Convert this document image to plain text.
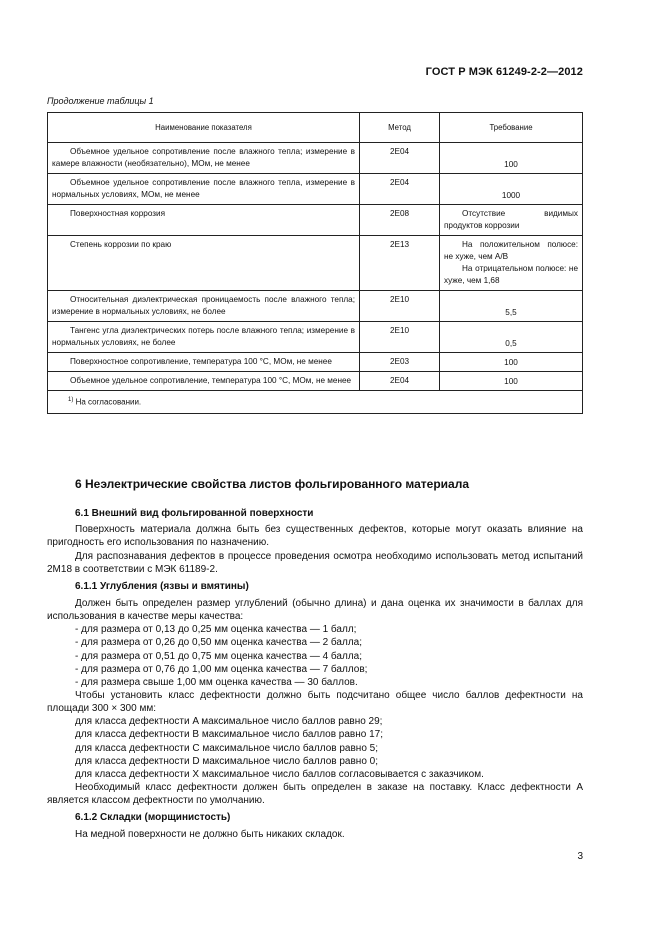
ГОСТ Р МЭК 61249-2-2—2012
Продолжение таблицы 1
Наименование показателя	Метод	Требование
Объемное удельное сопротивление после влажного тепла; измерение в камере влажности (необязательно), МОм, не менее	2E04	100
Объемное удельное сопротивление после влажного тепла, измерение в нормальных условиях, МОм, не менее	2E04	1000
Поверхностная коррозия	2E08	Отсутствие видимых продуктов коррозии
Степень коррозии по краю	2E13	На положительном полюсе: не хуже, чем A/B
На отрицательном полюсе: не хуже, чем 1,68

Относительная диэлектрическая проницаемость после влажного тепла; измерение в нормальных условиях, не более	2E10	5,5
Тангенс угла диэлектрических потерь после влажного тепла; измерение в нормальных условиях, не более	2E10	0,5
Поверхностное сопротивление, температура 100 °C, МОм, не менее	2E03	100
Объемное удельное сопротивление, температура 100 °C, МОм, не менее	2E04	100
$^{1)}$ На согласовании.		
6 Неэлектрические свойства листов фольгированного материала
6.1 Внешний вид фольгированной поверхности

Поверхность материала должна быть без существенных дефектов, которые могут оказать влияние на пригодность его использования по назначению.

Для распознавания дефектов в процессе проведения осмотра необходимо использовать метод испытаний 2M18 в соответствии с МЭК 61189-2.

6.1.1 Углубления (язвы и вмятины)

Должен быть определен размер углублений (обычно длина) и дана оценка их значимости в баллах для использования в качестве меры качества:

- для размера от 0,13 до 0,25 мм оценка качества — 1 балл;
- для размера от 0,26 до 0,50 мм оценка качества — 2 балла;
- для размера от 0,51 до 0,75 мм оценка качества — 4 балла;
- для размера от 0,76 до 1,00 мм оценка качества — 7 баллов;
- для размера свыше 1,00 мм оценка качества — 30 баллов.

Чтобы установить класс дефектности должно быть подсчитано общее число баллов дефектности на площади 300 × 300 мм:

для класса дефектности A максимальное число баллов равно 29;
для класса дефектности B максимальное число баллов равно 17;
для класса дефектности C максимальное число баллов равно 5;
для класса дефектности D максимальное число баллов равно 0;
для класса дефектности X максимальное число баллов согласовывается с заказчиком.

Необходимый класс дефектности должен быть определен в заказе на поставку. Класс дефектности A является классом дефектности по умолчанию.

6.1.2 Складки (морщинистость)

На медной поверхности не должно быть никаких складок.

3
